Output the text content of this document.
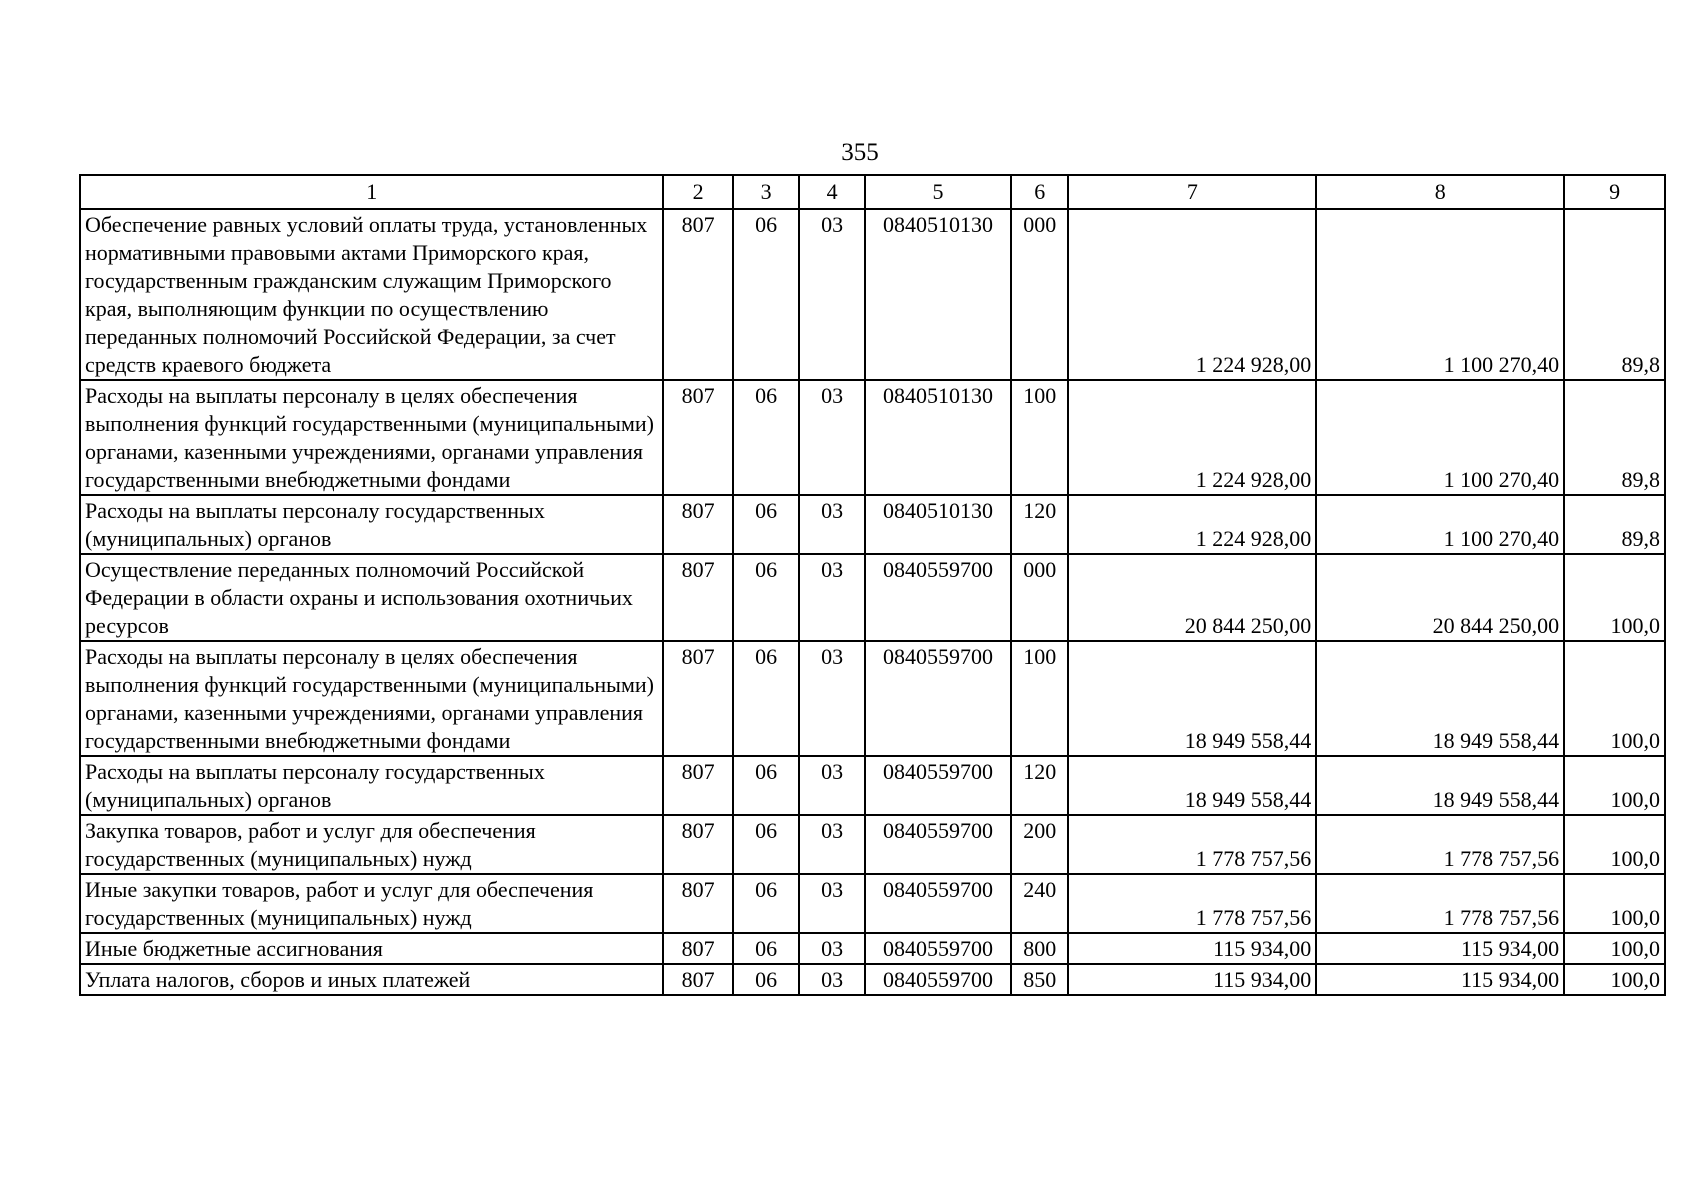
355
1	2	3	4	5	6	7	8	9
Обеспечение равных условий оплаты труда, установленных нормативными правовыми актами Приморского края, государственным гражданским служащим Приморского края, выполняющим функции по осуществлению переданных полномочий Российской Федерации, за счет средств краевого бюджета	807	06	03	0840510130	000	1 224 928,00	1 100 270,40	89,8
Расходы на выплаты персоналу в целях обеспечения выполнения функций государственными (муниципальными) органами, казенными учреждениями, органами управления государственными внебюджетными фондами	807	06	03	0840510130	100	1 224 928,00	1 100 270,40	89,8
Расходы на выплаты персоналу государственных (муниципальных) органов	807	06	03	0840510130	120	1 224 928,00	1 100 270,40	89,8
Осуществление переданных полномочий Российской Федерации в области охраны и использования охотничьих ресурсов	807	06	03	0840559700	000	20 844 250,00	20 844 250,00	100,0
Расходы на выплаты персоналу в целях обеспечения выполнения функций государственными (муниципальными) органами, казенными учреждениями, органами управления государственными внебюджетными фондами	807	06	03	0840559700	100	18 949 558,44	18 949 558,44	100,0
Расходы на выплаты персоналу государственных (муниципальных) органов	807	06	03	0840559700	120	18 949 558,44	18 949 558,44	100,0
Закупка товаров, работ и услуг для обеспечения государственных (муниципальных) нужд	807	06	03	0840559700	200	1 778 757,56	1 778 757,56	100,0
Иные закупки товаров, работ и услуг для обеспечения государственных (муниципальных) нужд	807	06	03	0840559700	240	1 778 757,56	1 778 757,56	100,0
Иные бюджетные ассигнования	807	06	03	0840559700	800	115 934,00	115 934,00	100,0
Уплата налогов, сборов и иных платежей	807	06	03	0840559700	850	115 934,00	115 934,00	100,0
